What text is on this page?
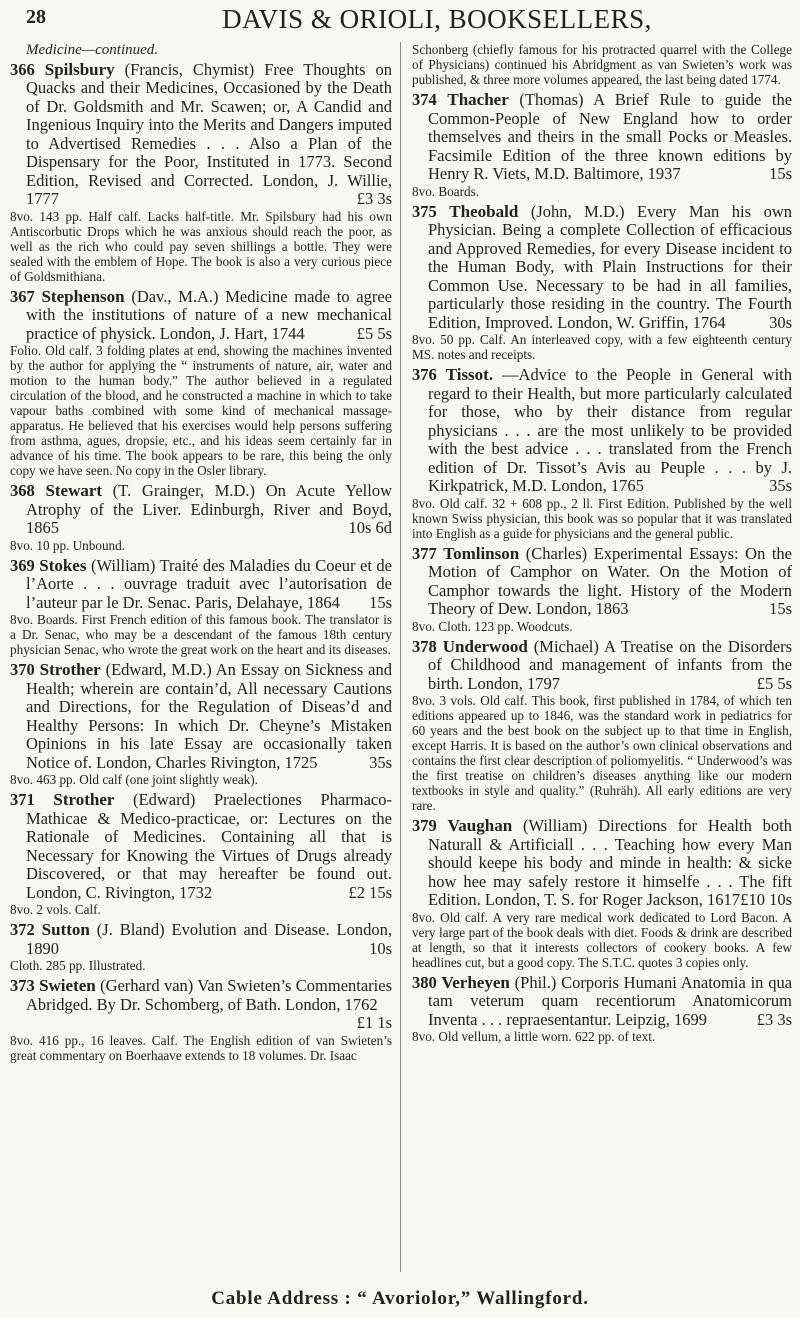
28	DAVIS & ORIOLI, BOOKSELLERS,
Medicine—continued.

366 Spilsbury (Francis, Chymist) Free Thoughts on Quacks and their Medicines, Occasioned by the Death of Dr. Goldsmith and Mr. Scawen; or, A Candid and Ingenious Inquiry into the Merits and Dangers imputed to Advertised Remedies . . . Also a Plan of the Dispensary for the Poor, Instituted in 1773. Second Edition, Revised and Corrected. London, J. Willie, 1777	£3 3s

8vo. 143 pp. Half calf. Lacks half-title. Mr. Spilsbury had his own Antiscorbutic Drops which he was anxious should reach the poor, as well as the rich who could pay seven shillings a bottle. They were sealed with the emblem of Hope. The book is also a very curious piece of Goldsmithiana.

367 Stephenson (Dav., M.A.) Medicine made to agree with the institutions of nature of a new mechanical practice of physick. London, J. Hart, 1744	£5 5s

Folio. Old calf. 3 folding plates at end, showing the machines invented by the author for applying the “ instruments of nature, air, water and motion to the human body.” The author believed in a regulated circulation of the blood, and he constructed a machine in which to take vapour baths combined with some kind of mechanical massage-apparatus. He believed that his exercises would help persons suffering from asthma, agues, dropsie, etc., and his ideas seem certainly far in advance of his time. The book appears to be rare, this being the only copy we have seen. No copy in the Osler library.

368 Stewart (T. Grainger, M.D.) On Acute Yellow Atrophy of the Liver. Edinburgh, River and Boyd, 1865	10s 6d

8vo. 10 pp. Unbound.

369 Stokes (William) Traité des Maladies du Coeur et de l’Aorte . . . ouvrage traduit avec l’autorisation de l’auteur par le Dr. Senac. Paris, Delahaye, 1864 15s

8vo. Boards. First French edition of this famous book. The translator is a Dr. Senac, who may be a descendant of the famous 18th century physician Senac, who wrote the great work on the heart and its diseases.

370 Strother (Edward, M.D.) An Essay on Sickness and Health; wherein are contain’d, All necessary Cautions and Directions, for the Regulation of Diseas’d and Healthy Persons: In which Dr. Cheyne’s Mistaken Opinions in his late Essay are occasionally taken Notice of. London, Charles Rivington, 1725	35s

8vo. 463 pp. Old calf (one joint slightly weak).

371 Strother (Edward) Praelectiones Pharmaco-Mathicae & Medico-practicae, or: Lectures on the Rationale of Medicines. Containing all that is Necessary for Knowing the Virtues of Drugs already Discovered, or that may hereafter be found out. London, C. Rivington, 1732	£2 15s

8vo. 2 vols. Calf.

372 Sutton (J. Bland) Evolution and Disease. London, 1890	10s

Cloth. 285 pp. Illustrated.

373 Swieten (Gerhard van) Van Swieten’s Commentaries Abridged. By Dr. Schomberg, of Bath. London, 1762
£1 1s

8vo. 416 pp., 16 leaves. Calf. The English edition of van Swieten’s great commentary on Boerhaave extends to 18 volumes. Dr. Isaac

Schonberg (chiefly famous for his protracted quarrel with the College of Physicians) continued his Abridgment as van Swieten’s work was published, & three more volumes appeared, the last being dated 1774.

374 Thacher (Thomas) A Brief Rule to guide the Common-People of New England how to order themselves and theirs in the small Pocks or Measles. Facsimile Edition of the three known editions by Henry R. Viets, M.D. Baltimore, 1937	15s

8vo. Boards.

375 Theobald (John, M.D.) Every Man his own Physician. Being a complete Collection of efficacious and Approved Remedies, for every Disease incident to the Human Body, with Plain Instructions for their Common Use. Necessary to be had in all families, particularly those residing in the country. The Fourth Edition, Improved. London, W. Griffin, 1764	30s

8vo. 50 pp. Calf. An interleaved copy, with a few eighteenth century MS. notes and receipts.

376 Tissot. —Advice to the People in General with regard to their Health, but more particularly calculated for those, who by their distance from regular physicians . . . are the most unlikely to be provided with the best advice . . . translated from the French edition of Dr. Tissot’s Avis au Peuple . . . by J. Kirkpatrick, M.D. London, 1765	35s

8vo. Old calf. 32 + 608 pp., 2 ll. First Edition. Published by the well known Swiss physician, this book was so popular that it was translated into English as a guide for physicians and the general public.

377 Tomlinson (Charles) Experimental Essays: On the Motion of Camphor on Water. On the Motion of Camphor towards the light. History of the Modern Theory of Dew. London, 1863	15s

8vo. Cloth. 123 pp. Woodcuts.

378 Underwood (Michael) A Treatise on the Disorders of Childhood and management of infants from the birth. London, 1797	£5 5s

8vo. 3 vols. Old calf. This book, first published in 1784, of which ten editions appeared up to 1846, was the standard work in pediatrics for 60 years and the best book on the subject up to that time in English, except Harris. It is based on the author’s own clinical observations and contains the first clear description of poliomyelitis. “ Underwood’s was the first treatise on children’s diseases anything like our modern textbooks in style and quality.” (Ruhräh). All early editions are very rare.

379 Vaughan (William) Directions for Health both Naturall & Artificiall . . . Teaching how every Man should keepe his body and minde in health: & sicke how hee may safely restore it himselfe . . . The fift Edition. London, T. S. for Roger Jackson, 1617 £10 10s

8vo. Old calf. A very rare medical work dedicated to Lord Bacon. A very large part of the book deals with diet. Foods & drink are described at length, so that it interests collectors of cookery books. A few headlines cut, but a good copy. The S.T.C. quotes 3 copies only.

380 Verheyen (Phil.) Corporis Humani Anatomia in qua tam veterum quam recentiorum Anatomicorum Inventa . . . repraesentantur. Leipzig, 1699	£3 3s

8vo. Old vellum, a little worn. 622 pp. of text.

Cable Address : “ Avoriolor,” Wallingford.
